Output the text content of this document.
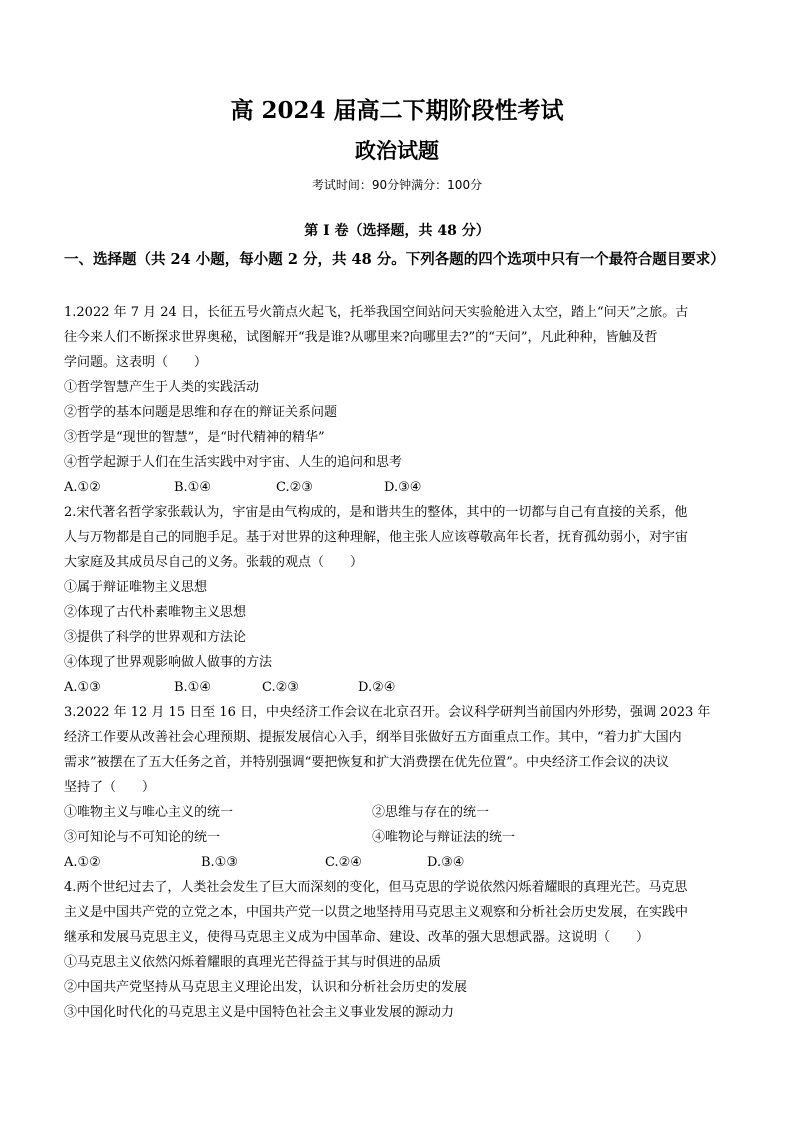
高 2024 届高二下期阶段性考试
政治试题
考试时间：90分钟满分：100分
第 I 卷（选择题，共 48 分）
一、选择题（共 24 小题，每小题 2 分，共 48 分。下列各题的四个选项中只有一个最符合题目要求）
1.2022 年 7 月 24 日，长征五号火箭点火起飞，托举我国空间站问天实验舱进入太空，踏上“问天”之旅。古
往今来人们不断探求世界奥秘，试图解开“我是谁?从哪里来?向哪里去?”的“天问”，凡此种种，皆触及哲
学问题。这表明（　　）
①哲学智慧产生于人类的实践活动
②哲学的基本问题是思维和存在的辩证关系问题
③哲学是“现世的智慧”，是“时代精神的精华”
④哲学起源于人们在生活实践中对宇宙、人生的追问和思考
A.①②	B.①④	C.②③	D.③④
2.宋代著名哲学家张载认为，宇宙是由气构成的，是和谐共生的整体，其中的一切都与自己有直接的关系，他
人与万物都是自己的同胞手足。基于对世界的这种理解，他主张人应该尊敬高年长者，抚育孤幼弱小，对宇宙
大家庭及其成员尽自己的义务。张载的观点（　　）
①属于辩证唯物主义思想
②体现了古代朴素唯物主义思想
③提供了科学的世界观和方法论
④体现了世界观影响做人做事的方法
A.①③	B.①④	C.②③	D.②④
3.2022 年 12 月 15 日至 16 日，中央经济工作会议在北京召开。会议科学研判当前国内外形势，强调 2023 年
经济工作要从改善社会心理预期、提振发展信心入手，纲举目张做好五方面重点工作。其中，“着力扩大国内
需求”被摆在了五大任务之首，并特别强调“要把恢复和扩大消费摆在优先位置”。中央经济工作会议的决议
坚持了（　　）
①唯物主义与唯心主义的统一	②思维与存在的统一
③可知论与不可知论的统一	④唯物论与辩证法的统一
A.①②	B.①③	C.②④	D.③④
4.两个世纪过去了，人类社会发生了巨大而深刻的变化，但马克思的学说依然闪烁着耀眼的真理光芒。马克思
主义是中国共产党的立党之本，中国共产党一以贯之地坚持用马克思主义观察和分析社会历史发展，在实践中
继承和发展马克思主义，使得马克思主义成为中国革命、建设、改革的强大思想武器。这说明（　　）
①马克思主义依然闪烁着耀眼的真理光芒得益于其与时俱进的品质
②中国共产党坚持从马克思主义理论出发，认识和分析社会历史的发展
③中国化时代化的马克思主义是中国特色社会主义事业发展的源动力
